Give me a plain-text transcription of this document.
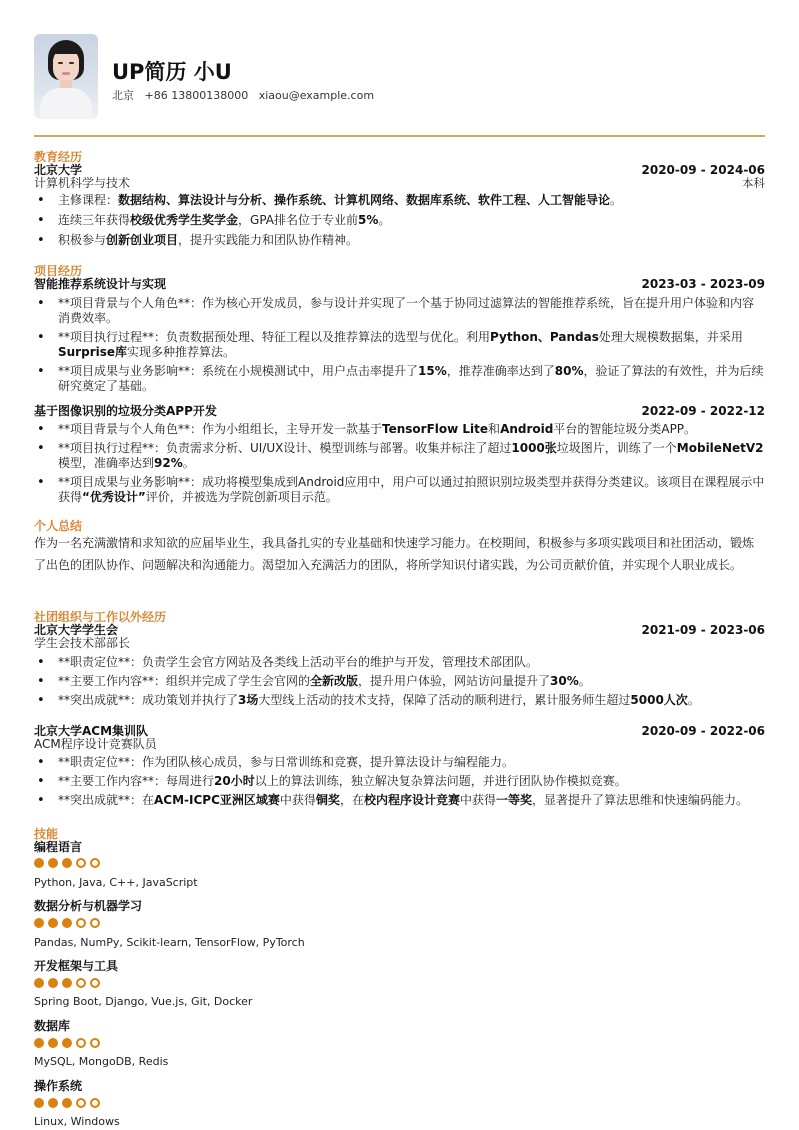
UP简历 小U
北京 +86 13800138000 xiaou@example.com
教育经历
北京大学	2020-09 - 2024-06
计算机科学与技术	本科
• 主修课程：数据结构、算法设计与分析、操作系统、计算机网络、数据库系统、软件工程、人工智能导论。
• 连续三年获得校级优秀学生奖学金，GPA排名位于专业前5%。
• 积极参与创新创业项目，提升实践能力和团队协作精神。
项目经历
智能推荐系统设计与实现	2023-03 - 2023-09
• **项目背景与个人角色**：作为核心开发成员，参与设计并实现了一个基于协同过滤算法的智能推荐系统，旨在提升用户体验和内容消费效率。
• **项目执行过程**：负责数据预处理、特征工程以及推荐算法的选型与优化。利用Python、Pandas处理大规模数据集，并采用Surprise库实现多种推荐算法。
• **项目成果与业务影响**：系统在小规模测试中，用户点击率提升了15%，推荐准确率达到了80%，验证了算法的有效性，并为后续研究奠定了基础。
基于图像识别的垃圾分类APP开发	2022-09 - 2022-12
• **项目背景与个人角色**：作为小组组长，主导开发一款基于TensorFlow Lite和Android平台的智能垃圾分类APP。
• **项目执行过程**：负责需求分析、UI/UX设计、模型训练与部署。收集并标注了超过1000张垃圾图片，训练了一个MobileNetV2模型，准确率达到92%。
• **项目成果与业务影响**：成功将模型集成到Android应用中，用户可以通过拍照识别垃圾类型并获得分类建议。该项目在课程展示中获得“优秀设计”评价，并被选为学院创新项目示范。
个人总结
作为一名充满激情和求知欲的应届毕业生，我具备扎实的专业基础和快速学习能力。在校期间，积极参与多项实践项目和社团活动，锻炼了出色的团队协作、问题解决和沟通能力。渴望加入充满活力的团队，将所学知识付诸实践，为公司贡献价值，并实现个人职业成长。
社团组织与工作以外经历
北京大学学生会	2021-09 - 2023-06
学生会技术部部长
• **职责定位**：负责学生会官方网站及各类线上活动平台的维护与开发，管理技术部团队。
• **主要工作内容**：组织并完成了学生会官网的全新改版，提升用户体验，网站访问量提升了30%。
• **突出成就**：成功策划并执行了3场大型线上活动的技术支持，保障了活动的顺利进行，累计服务师生超过5000人次。
北京大学ACM集训队	2020-09 - 2022-06
ACM程序设计竞赛队员
• **职责定位**：作为团队核心成员，参与日常训练和竞赛，提升算法设计与编程能力。
• **主要工作内容**：每周进行20小时以上的算法训练，独立解决复杂算法问题，并进行团队协作模拟竞赛。
• **突出成就**：在ACM-ICPC亚洲区域赛中获得铜奖，在校内程序设计竞赛中获得一等奖，显著提升了算法思维和快速编码能力。
技能
编程语言
Python, Java, C++, JavaScript
数据分析与机器学习
Pandas, NumPy, Scikit-learn, TensorFlow, PyTorch
开发框架与工具
Spring Boot, Django, Vue.js, Git, Docker
数据库
MySQL, MongoDB, Redis
操作系统
Linux, Windows
